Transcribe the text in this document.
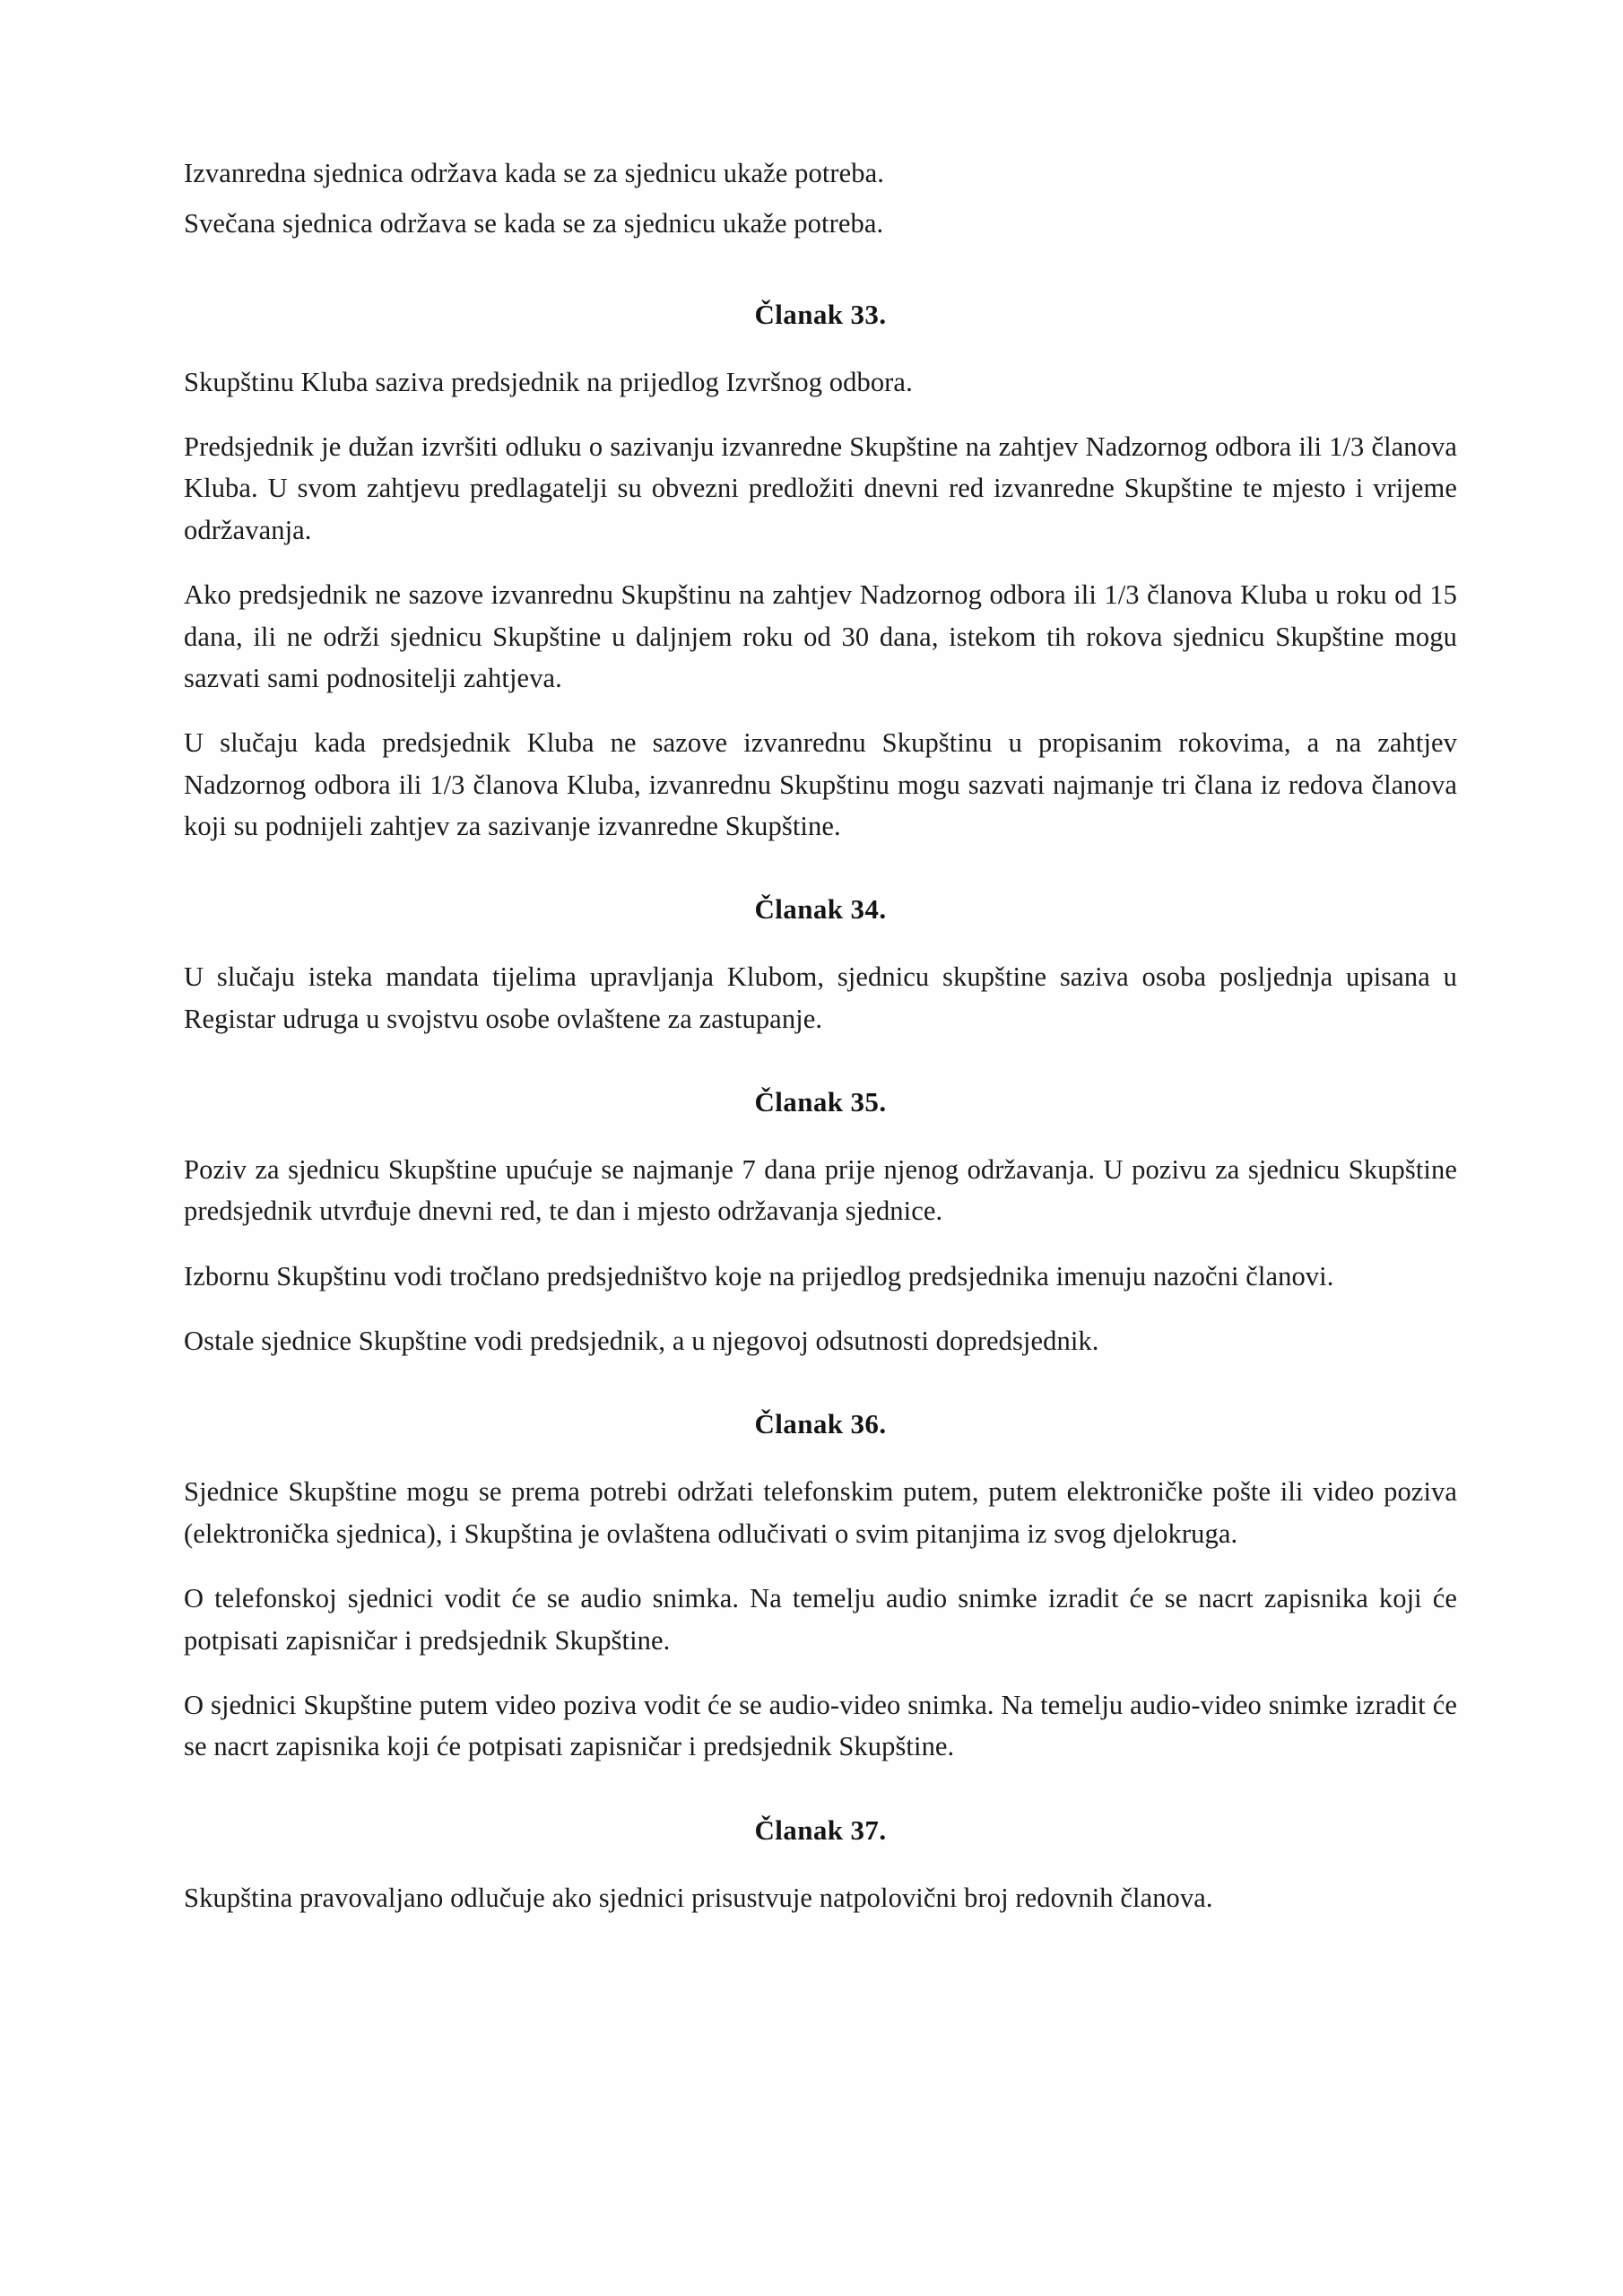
Izvanredna sjednica održava kada se za sjednicu ukaže potreba.

Svečana sjednica održava se kada se za sjednicu ukaže potreba.

Članak 33.

Skupštinu Kluba saziva predsjednik na prijedlog Izvršnog odbora.

Predsjednik je dužan izvršiti odluku o sazivanju izvanredne Skupštine na zahtjev Nadzornog odbora ili 1/3 članova Kluba. U svom zahtjevu predlagatelji su obvezni predložiti dnevni red izvanredne Skupštine te mjesto i vrijeme održavanja.

Ako predsjednik ne sazove izvanrednu Skupštinu na zahtjev Nadzornog odbora ili 1/3 članova Kluba u roku od 15 dana, ili ne održi sjednicu Skupštine u daljnjem roku od 30 dana, istekom tih rokova sjednicu Skupštine mogu sazvati sami podnositelji zahtjeva.

U slučaju kada predsjednik Kluba ne sazove izvanrednu Skupštinu u propisanim rokovima, a na zahtjev Nadzornog odbora ili 1/3 članova Kluba, izvanrednu Skupštinu mogu sazvati najmanje tri člana iz redova članova koji su podnijeli zahtjev za sazivanje izvanredne Skupštine.

Članak 34.

U slučaju isteka mandata tijelima upravljanja Klubom, sjednicu skupštine saziva osoba posljednja upisana u Registar udruga u svojstvu osobe ovlaštene za zastupanje.

Članak 35.

Poziv za sjednicu Skupštine upućuje se najmanje 7 dana prije njenog održavanja. U pozivu za sjednicu Skupštine predsjednik utvrđuje dnevni red, te dan i mjesto održavanja sjednice.

Izbornu Skupštinu vodi tročlano predsjedništvo koje na prijedlog predsjednika imenuju nazočni članovi.

Ostale sjednice Skupštine vodi predsjednik, a u njegovoj odsutnosti dopredsjednik.

Članak 36.

Sjednice Skupštine mogu se prema potrebi održati telefonskim putem, putem elektroničke pošte ili video poziva (elektronička sjednica), i Skupština je ovlaštena odlučivati o svim pitanjima iz svog djelokruga.

O telefonskoj sjednici vodit će se audio snimka. Na temelju audio snimke izradit će se nacrt zapisnika koji će potpisati zapisničar i predsjednik Skupštine.

O sjednici Skupštine putem video poziva vodit će se audio-video snimka. Na temelju audio-video snimke izradit će se nacrt zapisnika koji će potpisati zapisničar i predsjednik Skupštine.

Članak 37.

Skupština pravovaljano odlučuje ako sjednici prisustvuje natpolovični broj redovnih članova.
